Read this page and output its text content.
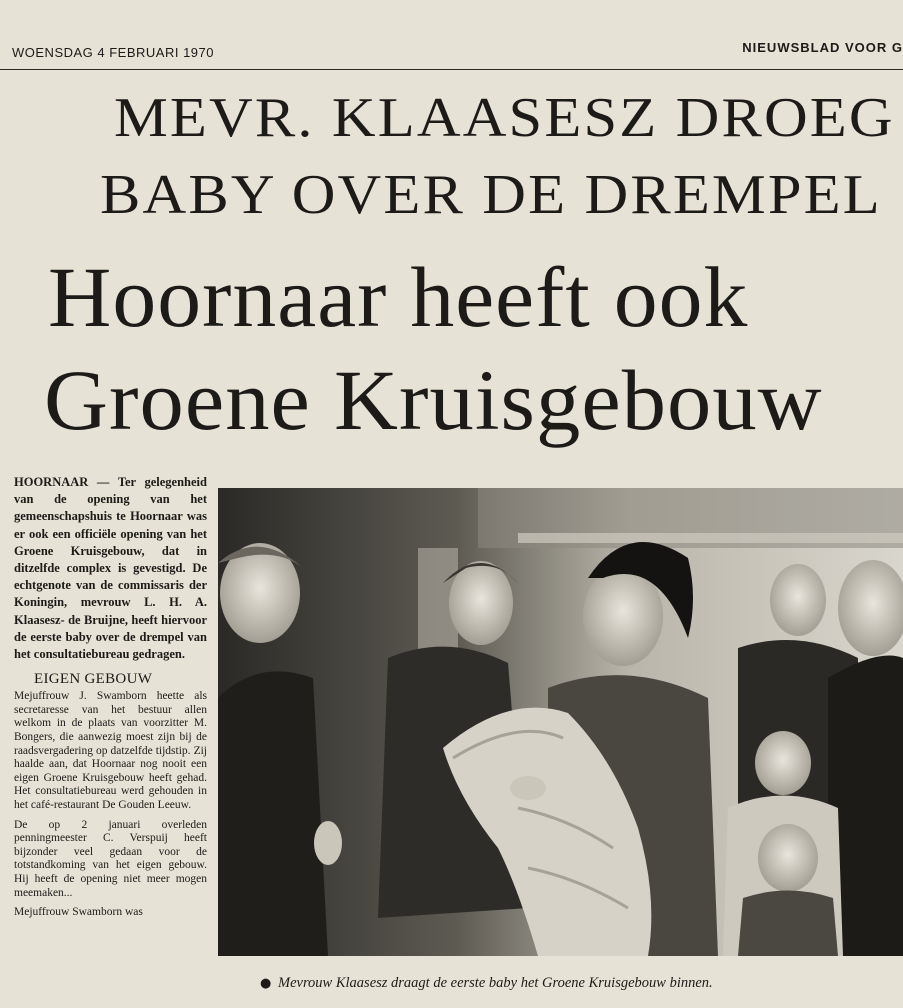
WOENSDAG 4 FEBRUARI 1970	NIEUWSBLAD VOOR G
MEVR. KLAASESZ DROEG
BABY OVER DE DREMPEL
Hoornaar heeft ook
Groene Kruisgebouw

HOORNAAR — Ter gelegenheid van de opening van het gemeenschapshuis te Hoornaar was er ook een officiële opening van het Groene Kruisgebouw, dat in ditzelfde complex is gevestigd. De echtgenote van de commissaris der Koningin, mevrouw L. H. A. Klaasesz- de Bruijne, heeft hiervoor de eerste baby over de drempel van het consultatiebureau gedragen.

EIGEN GEBOUW

Mejuffrouw J. Swamborn heette als secretaresse van het bestuur allen welkom in de plaats van voorzitter M. Bongers, die aanwezig moest zijn bij de raadsvergadering op datzelfde tijdstip. Zij haalde aan, dat Hoornaar nog nooit een eigen Groene Kruisgebouw heeft gehad. Het consultatiebureau werd gehouden in het café-restaurant De Gouden Leeuw.

De op 2 januari overleden penningmeester C. Verspuij heeft bijzonder veel gedaan voor de totstandkoming van het eigen gebouw. Hij heeft de opening niet meer mogen meemaken...

Mejuffrouw Swamborn was

● Mevrouw Klaasesz draagt de eerste baby het Groene Kruisgebouw binnen.
